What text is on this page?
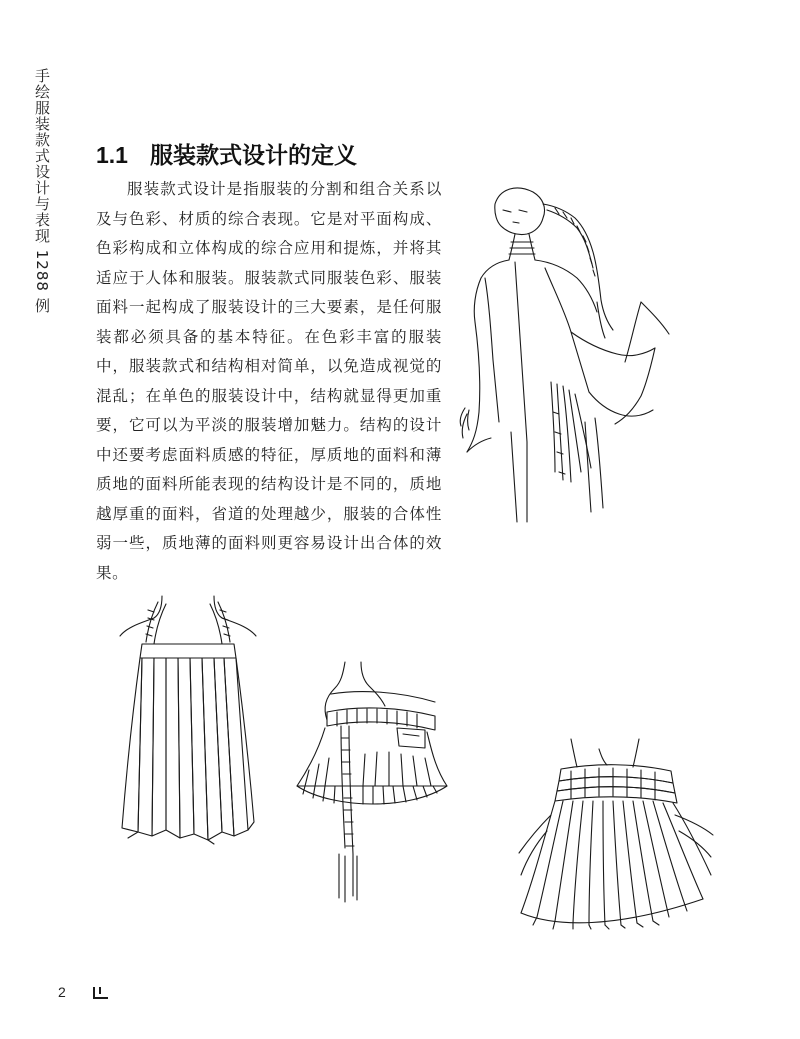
手绘服装款式设计与表现 1288 例 1.1 服装款式设计的定义

服装款式设计是指服装的分割和组合关系以及与色彩、材质的综合表现。它是对平面构成、色彩构成和立体构成的综合应用和提炼，并将其适应于人体和服装。服装款式同服装色彩、服装面料一起构成了服装设计的三大要素，是任何服装都必须具备的基本特征。在色彩丰富的服装中，服装款式和结构相对简单，以免造成视觉的混乱；在单色的服装设计中，结构就显得更加重要，它可以为平淡的服装增加魅力。结构的设计中还要考虑面料质感的特征，厚质地的面料和薄质地的面料所能表现的结构设计是不同的，质地越厚重的面料，省道的处理越少，服装的合体性弱一些，质地薄的面料则更容易设计出合体的效果。

2
